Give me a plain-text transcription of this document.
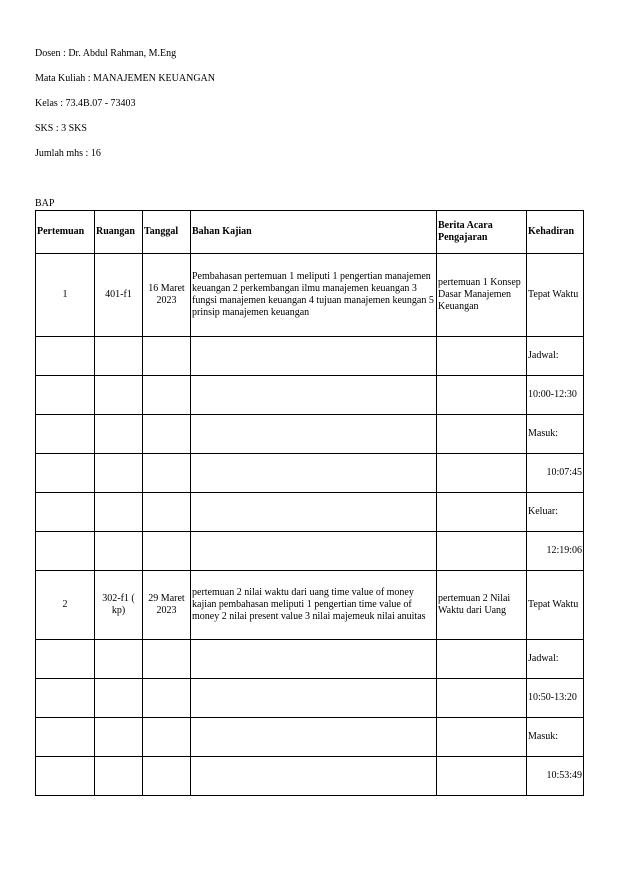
Dosen : Dr. Abdul Rahman, M.Eng
Mata Kuliah : MANAJEMEN KEUANGAN
Kelas : 73.4B.07 - 73403
SKS : 3 SKS
Jumlah mhs : 16
BAP
Pertemuan	Ruangan	Tanggal	Bahan Kajian	Berita Acara Pengajaran	Kehadiran
1	401-f1	16 Maret 2023	Pembahasan pertemuan 1 meliputi 1 pengertian manajemen keuangan 2 perkembangan ilmu manajemen keuangan 3 fungsi manajemen keuangan 4 tujuan manajemen keungan 5 prinsip manajemen keuangan	pertemuan 1 Konsep Dasar Manajemen Keuangan	Tepat Waktu
					Jadwal:
					10:00-12:30
					Masuk:
					10:07:45
					Keluar:
					12:19:06
2	302-f1 ( kp)	29 Maret 2023	pertemuan 2 nilai waktu dari uang time value of money kajian pembahasan meliputi 1 pengertian time value of money 2 nilai present value 3 nilai majemeuk nilai anuitas	pertemuan 2 Nilai Waktu dari Uang	Tepat Waktu
					Jadwal:
					10:50-13:20
					Masuk:
					10:53:49
